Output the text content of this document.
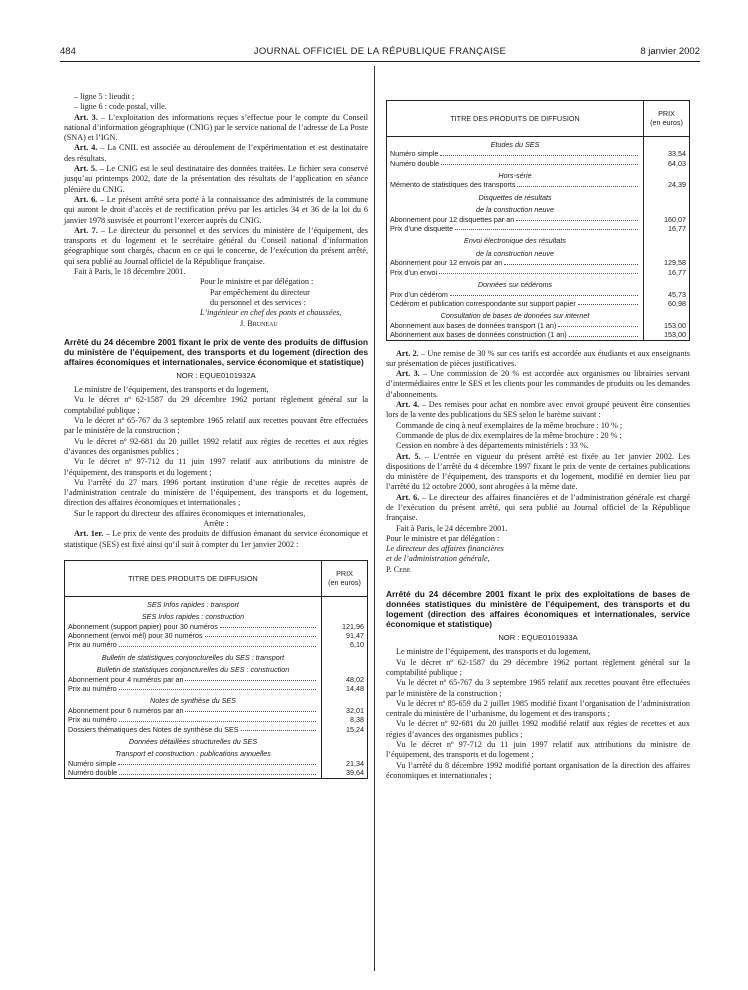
484	JOURNAL OFFICIEL DE LA RÉPUBLIQUE FRANÇAISE	8 janvier 2002

– ligne 5 : lieudit ;

– ligne 6 : code postal, ville.

Art. 3. – L’exploitation des informations reçues s’effectue pour le compte du Conseil national d’information géographique (CNIG) par le service national de l’adresse de La Poste (SNA) et l’IGN.

Art. 4. – La CNIL est associée au déroulement de l’expérimentation et est destinataire des résultats.

Art. 5. – Le CNIG est le seul destinataire des données traitées. Le fichier sera conservé jusqu’au printemps 2002, date de la présentation des résultats de l’application en séance plénière du CNIG.

Art. 6. – Le présent arrêté sera porté à la connaissance des administrés de la commune qui auront le droit d’accès et de rectification prévu par les articles 34 et 36 de la loi du 6 janvier 1978 susvisée et pourront l’exercer auprès du CNIG.

Art. 7. – Le directeur du personnel et des services du ministère de l’équipement, des transports et du logement et le secrétaire général du Conseil national d’information géographique sont chargés, chacun en ce qui le concerne, de l’exécution du présent arrêté, qui sera publié au Journal officiel de la République française.

Fait à Paris, le 18 décembre 2001.

Pour le ministre et par délégation :

Par empêchement du directeur

du personnel et des services :

L’ingénieur en chef des ponts et chaussées,

J. Bruneau

Arrêté du 24 décembre 2001 fixant le prix de vente des produits de diffusion du ministère de l’équipement, des transports et du logement (direction des affaires économiques et internationales, service économique et statistique)

NOR : EQUE0101932A

Le ministre de l’équipement, des transports et du logement,

Vu le décret nº 62-1587 du 29 décembre 1962 portant règlement général sur la comptabilité publique ;

Vu le décret nº 65-767 du 3 septembre 1965 relatif aux recettes pouvant être effectuées par le ministère de la construction ;

Vu le décret nº 92-681 du 20 juillet 1992 relatif aux régies de recettes et aux régies d’avances des organismes publics ;

Vu le décret nº 97-712 du 11 juin 1997 relatif aux attributions du ministre de l’équipement, des transports et du logement ;

Vu l’arrêté du 27 mars 1996 portant institution d’une régie de recettes auprès de l’administration centrale du ministère de l’équipement, des transports et du logement, direction des affaires économiques et internationales ;

Sur le rapport du directeur des affaires économiques et internationales,

Arrête :

Art. 1er. – Le prix de vente des produits de diffusion émanant du service économique et statistique (SES) est fixé ainsi qu’il suit à compter du 1er janvier 2002 :

TITRE DES PRODUITS DE DIFFUSION	PRIX
(en euros)
SES Infos rapides : transport	
SES Infos rapides : construction	

Abonnement (support papier) pour 30 numéros	121,96

Abonnement (envoi mél) pour 30 numéros	91,47

Prix au numéro	6,10
Bulletin de statistiques conjoncturelles du SES : transport	
Bulletin de statistiques conjoncturelles du SES : construction	

Abonnement pour 4 numéros par an	48,02

Prix au numéro	14,48
Notes de synthèse du SES	

Abonnement pour 6 numéros par an	32,01

Prix au numéro	8,38

Dossiers thématiques des Notes de synthèse du SES	15,24
Données détaillées structurelles du SES	
Transport et construction : publications annuelles	

Numéro simple	21,34

Numéro double	39,64
TITRE DES PRODUITS DE DIFFUSION	PRIX
(en euros)
Etudes du SES	

Numéro simple	33,54

Numéro double	64,03
Hors-série	

Mémento de statistiques des transports	24,39
Disquettes de résultats	
de la construction neuve	

Abonnement pour 12 disquettes par an	160,07

Prix d’une disquette	16,77
Envoi électronique des résultats	
de la construction neuve	

Abonnement pour 12 envois par an	129,58

Prix d’un envoi	16,77
Données sur cédéroms	

Prix d’un cédérom	45,73

Cédérom et publication correspondante sur support papier	60,98
Consultation de bases de données sur internet	

Abonnement aux bases de données transport (1 an)	153,00

Abonnement aux bases de données construction (1 an)	153,00

Art. 2. – Une remise de 30 % sur ces tarifs est accordée aux étudiants et aux enseignants sur présentation de pièces justificatives.

Art. 3. – Une commission de 20 % est accordée aux organismes ou librairies servant d’intermédiaires entre le SES et les clients pour les commandes de produits ou les demandes d’abonnements.

Art. 4. – Des remises pour achat en nombre avec envoi groupé peuvent être consenties lors de la vente des publications du SES selon le barème suivant :

Commande de cinq à neuf exemplaires de la même brochure : 10 % ;

Commande de plus de dix exemplaires de la même brochure : 20 % ;

Cession en nombre à des départements ministériels : 33 %.

Art. 5. – L’entrée en vigueur du présent arrêté est fixée au 1er janvier 2002. Les dispositions de l’arrêté du 4 décembre 1997 fixant le prix de vente de certaines publications du ministère de l’équipement, des transports et du logement, modifié en dernier lieu par l’arrêté du 12 octobre 2000, sont abrogées à la même date.

Art. 6. – Le directeur des affaires financières et de l’administration générale est chargé de l’exécution du présent arrêté, qui sera publié au Journal officiel de la République française.

Fait à Paris, le 24 décembre 2001.

Pour le ministre et par délégation :

Le directeur des affaires financières

et de l’administration générale,

P. Cebe

Arrêté du 24 décembre 2001 fixant le prix des exploitations de bases de données statistiques du ministère de l’équipement, des transports et du logement (direction des affaires économiques et internationales, service économique et statistique)

NOR : EQUE0101933A

Le ministre de l’équipement, des transports et du logement,

Vu le décret nº 62-1587 du 29 décembre 1962 portant règlement général sur la comptabilité publique ;

Vu le décret nº 65-767 du 3 septembre 1965 relatif aux recettes pouvant être effectuées par le ministère de la construction ;

Vu le décret nº 85-659 du 2 juillet 1985 modifié fixant l’organisation de l’administration centrale du ministère de l’urbanisme, du logement et des transports ;

Vu le décret nº 92-681 du 20 juillet 1992 modifié relatif aux régies de recettes et aux régies d’avances des organismes publics ;

Vu le décret nº 97-712 du 11 juin 1997 relatif aux attributions du ministre de l’équipement, des transports et du logement ;

Vu l’arrêté du 8 décembre 1992 modifié portant organisation de la direction des affaires économiques et internationales ;
